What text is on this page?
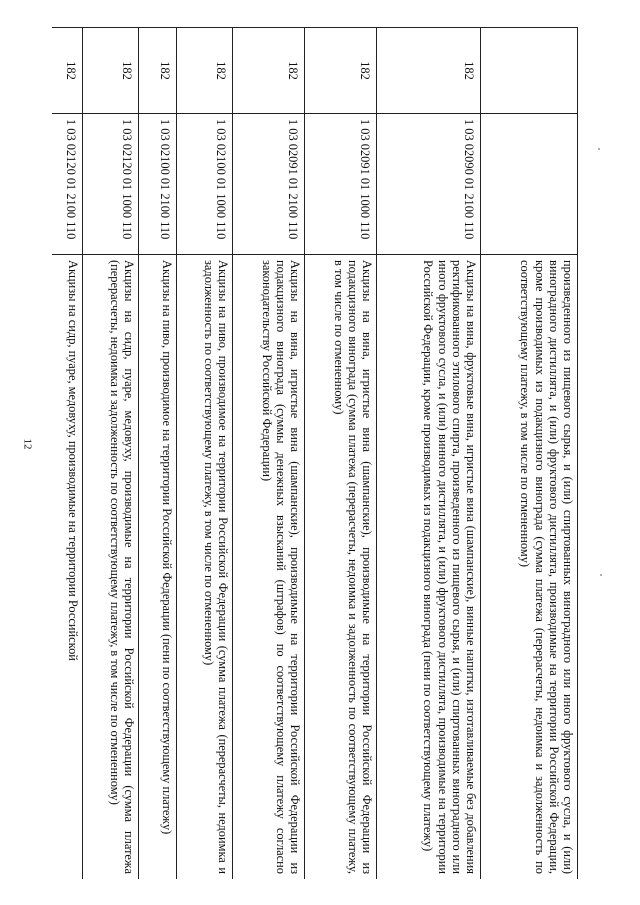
12
			произведенного из пищевого сырья, и (или) спиртованных виноградного или иного фруктового сусла, и (или) виноградного дистиллята, и (или) фруктового дистиллята, производимые на территории Российской Федерации, кроме производимых из подакцизного винограда (сумма платежа (перерасчеты, недоимка и задолженность по соответствующему платежу, в том числе по отмененному)
182	1 03 02090 01 2100 110	Акцизы на вина, фруктовые вина, игристые вина (шампанские), винные напитки, изготавливаемые без добавления ректификованного этилового спирта, произведенного из пищевого сырья, и (или) спиртованных виноградного или иного фруктового сусла, и (или) винного дистиллята, и (или) фруктового дистиллята, производимые на территории Российской Федерации, кроме производимых из подакцизного винограда (пени по соответствующему платежу)
182	1 03 02091 01 1000 110	Акцизы на вина, игристые вина (шампанские), производимые на территории Российской Федерации из подакцизного винограда (сумма платежа (перерасчеты, недоимка и задолженность по соответствующему платежу, в том числе по отмененному)
182	1 03 02091 01 2100 110	Акцизы на вина, игристые вина (шампанские), производимые на территории Российской Федерации из подакцизного винограда (суммы денежных взысканий (штрафов) по соответствующему платежу согласно законодательству Российской Федерации)
182	1 03 02100 01 1000 110	Акцизы на пиво, производимое на территории Российской Федерации (сумма платежа (перерасчеты, недоимка и задолженность по соответствующему платежу, в том числе по отмененному)
182	1 03 02100 01 2100 110	Акцизы на пиво, производимое на территории Российской Федерации (пени по соответствующему платежу)
182	1 03 02120 01 1000 110	Акцизы на сидр, пуаре, медовуху, производимые на территории Российской Федерации (сумма платежа (перерасчеты, недоимка и задолженность по соответствующему платежу, в том числе по отмененному)
182	1 03 02120 01 2100 110	Акцизы на сидр, пуаре, медовуху, производимые на территории Российской
